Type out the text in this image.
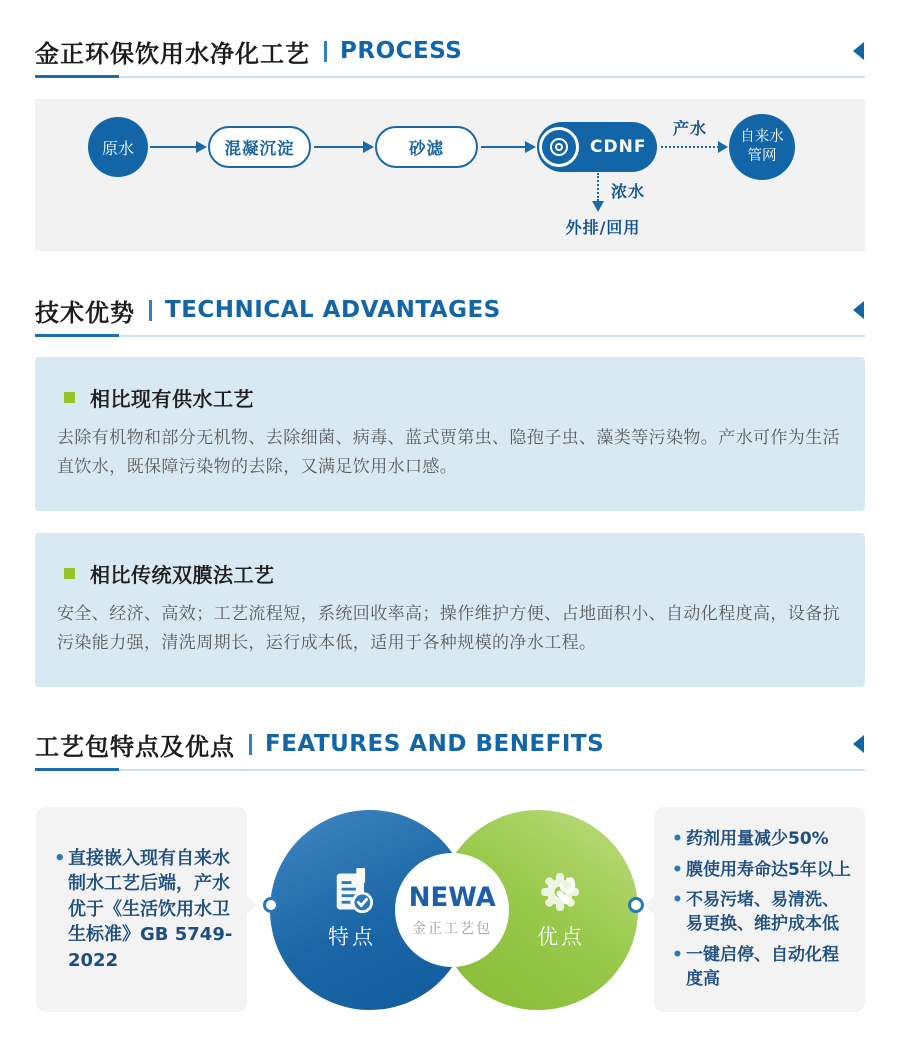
金正环保饮用水净化工艺 PROCESS
原水	混凝沉淀	砂滤	CDNF
产水 自来水
管网
浓水
外排/回用
技术优势 TECHNICAL ADVANTAGES
相比现有供水工艺
去除有机物和部分无机物、去除细菌、病毒、蓝式贾第虫、隐孢子虫、藻类等污染物。产水可作为生活直饮水，既保障污染物的去除，又满足饮用水口感。
相比传统双膜法工艺
安全、经济、高效；工艺流程短，系统回收率高；操作维护方便、占地面积小、自动化程度高，设备抗污染能力强，清洗周期长，运行成本低，适用于各种规模的净水工程。
工艺包特点及优点 FEATURES AND BENEFITS
• 直接嵌入现有自来水制水工艺后端，产水优于《生活饮用水卫生标准》GB 5749-2022
特点	优点
NEWA
金正工艺包
• 药剂用量减少50%
• 膜使用寿命达5年以上
• 不易污堵、易清洗、易更换、维护成本低
• 一键启停、自动化程度高
